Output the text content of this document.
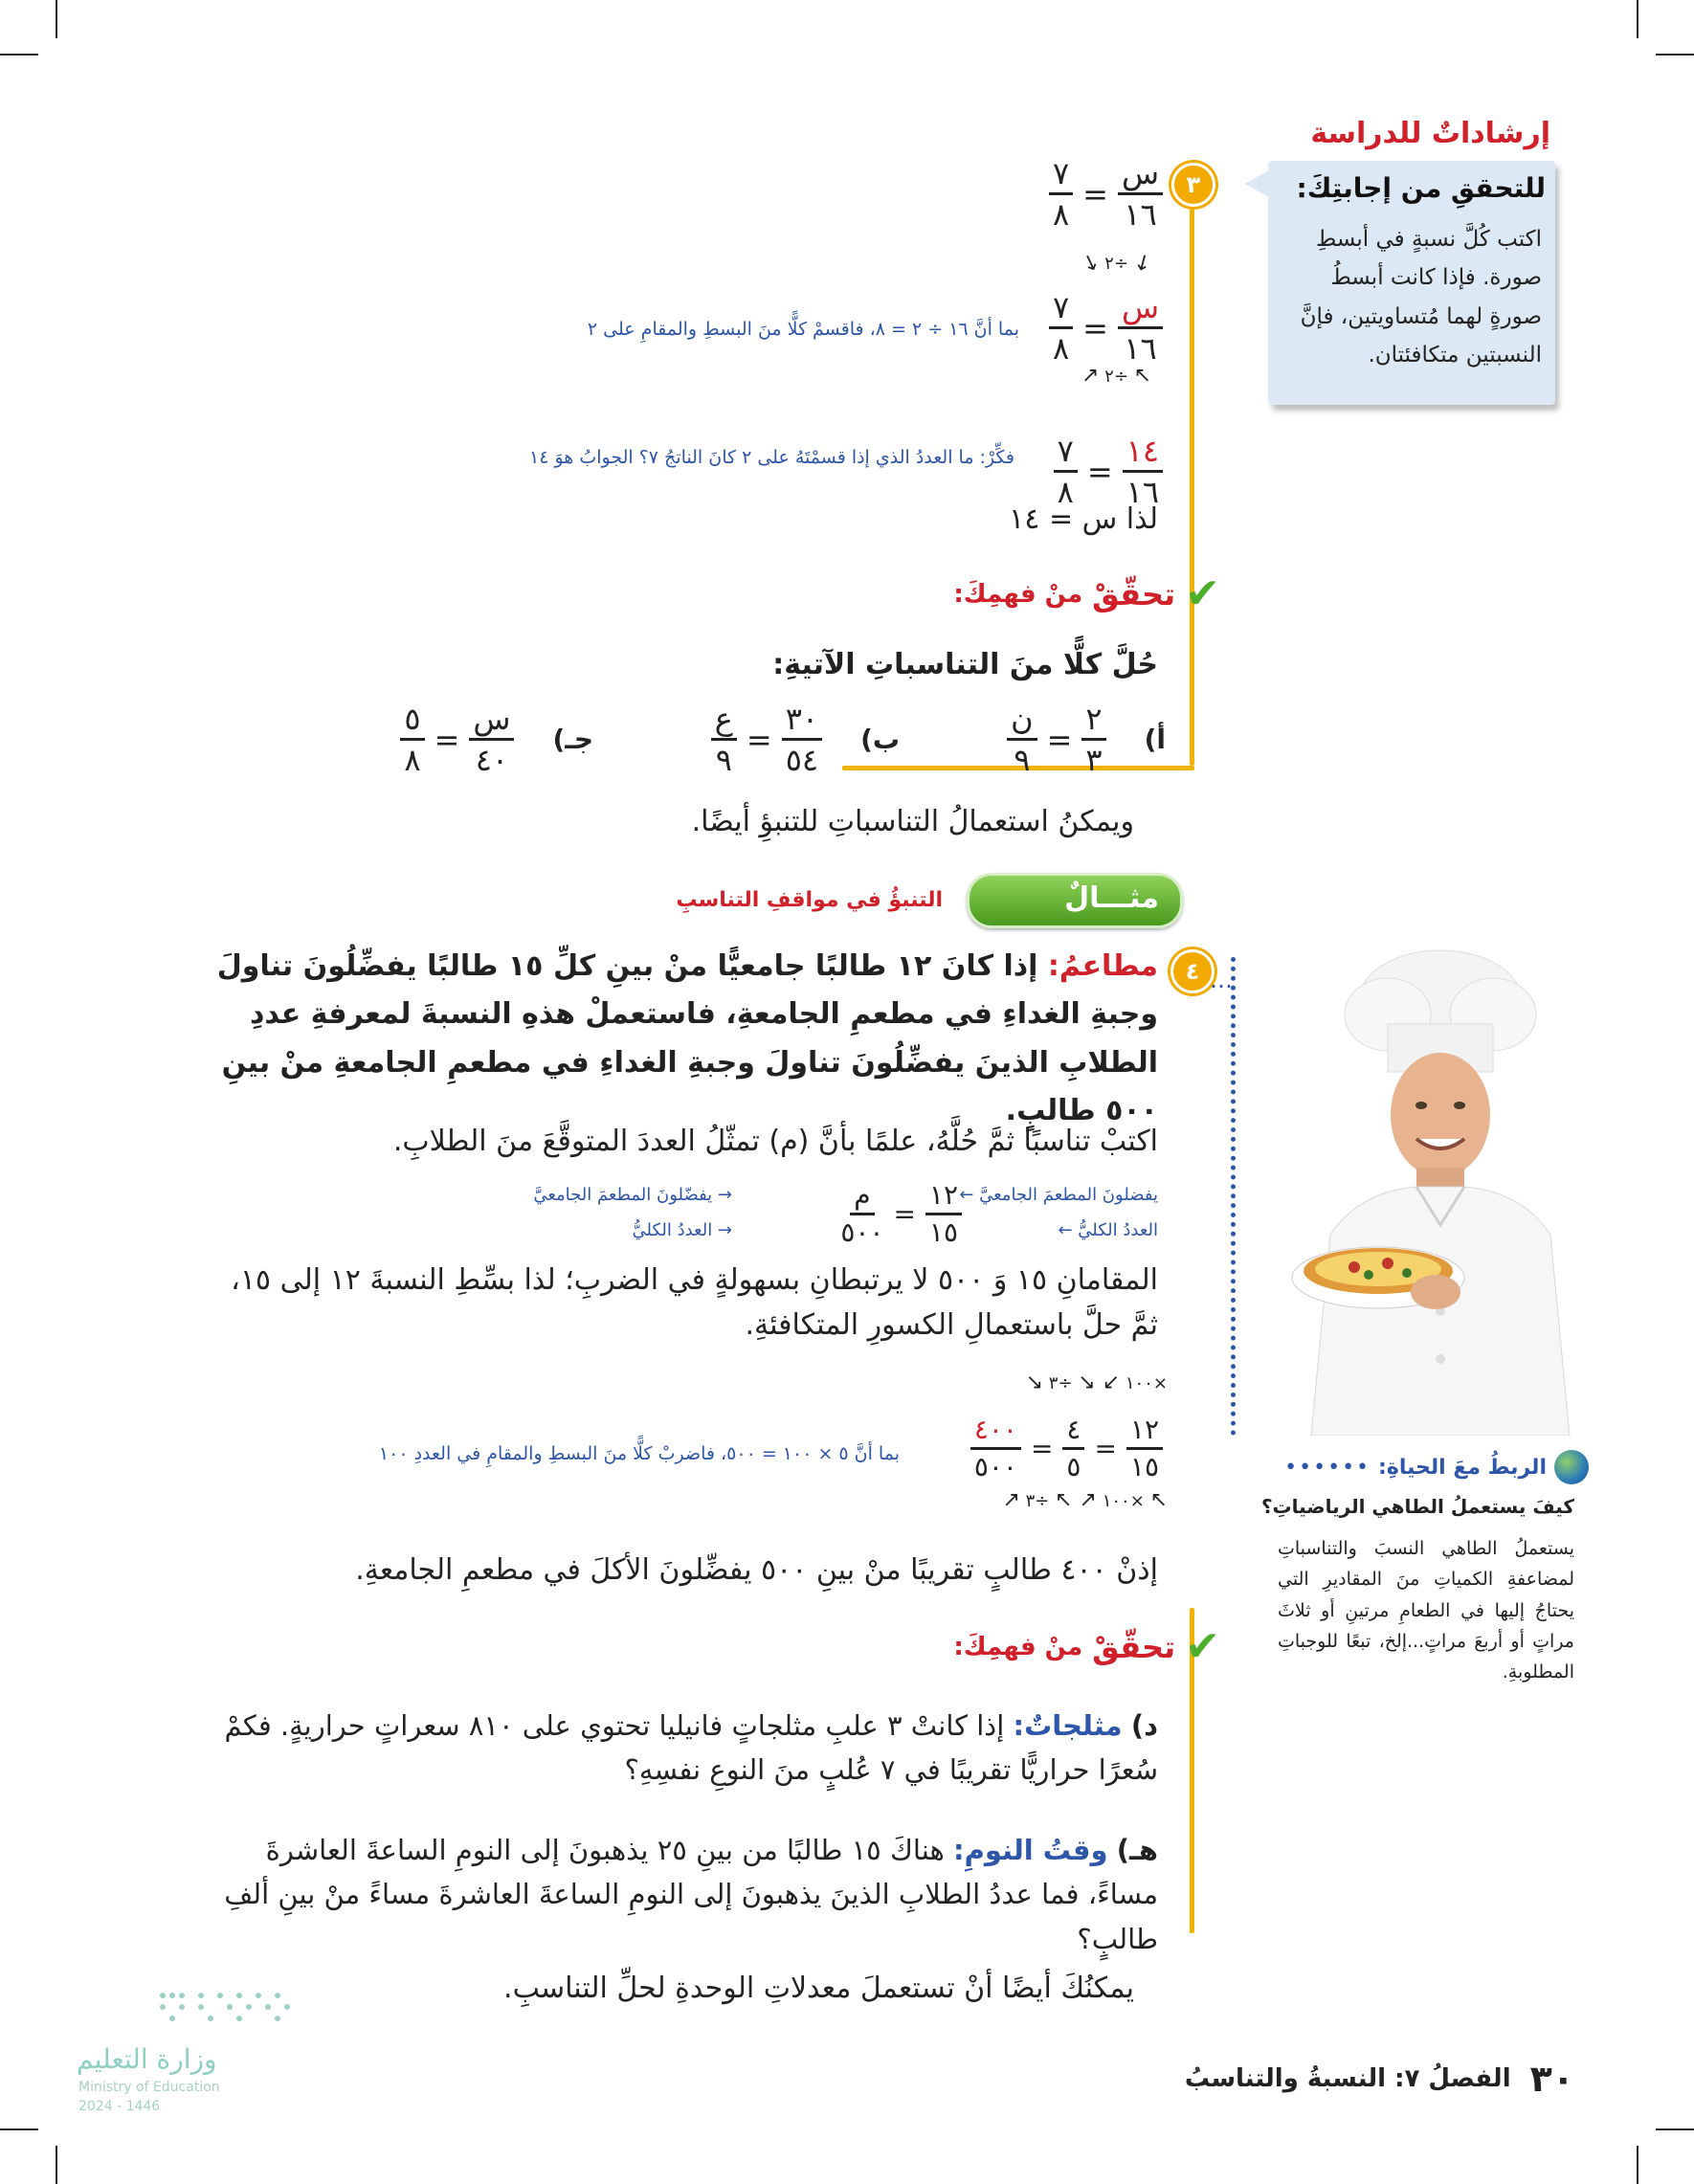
إرشاداتٌ للدراسة
للتحققِ من إجابتِكَ:
اكتب كُلَّ نسبةٍ في أبسطِ صورة. فإذا كانت أبسطُ صورةٍ لهما مُتساويتين، فإنَّ النسبتين متكافئتان.
٣
$\frac{\text{س}}{١٦}$
=
$\frac{٧}{٨}$
↙ ÷٢ ↘
$\frac{\text{س}}{١٦}$
=
$\frac{٧}{٨}$
↖ ÷٢ ↗
بما أنَّ ١٦ ÷ ٢ = ٨، فاقسمْ كلًّا منَ البسطِ والمقامِ على ٢
$\frac{١٤}{١٦}$
=
$\frac{٧}{٨}$
فكِّرْ: ما العددُ الذي إذا قسمْتَهُ على ٢ كانَ الناتجُ ٧؟ الجوابُ هوَ ١٤
لذا س = ١٤
✔
تحقّقْ
منْ فهمِكَ:
حُلَّ كلًّا منَ التناسباتِ الآتيةِ:
أ)
$\frac{٢}{٣}$
=
$\frac{\text{ن}}{٩}$
ب)
$\frac{٣٠}{٥٤}$
=
$\frac{\text{ع}}{٩}$
جـ)
$\frac{\text{س}}{٤٠}$
=
$\frac{٥}{٨}$
ويمكنُ استعمالُ التناسباتِ للتنبؤِ أيضًا.
مثـــالٌ
التنبؤُ في مواقفِ التناسبِ
٤ …
مطاعمُ: إذا كانَ ١٢ طالبًا جامعيًّا منْ بينِ كلِّ ١٥ طالبًا يفضِّلُونَ تناولَ وجبةِ الغداءِ في مطعمِ الجامعةِ، فاستعملْ هذهِ النسبةَ لمعرفةِ عددِ الطلابِ الذينَ يفضِّلُونَ تناولَ وجبةِ الغداءِ في مطعمِ الجامعةِ منْ بينِ ٥٠٠ طالبٍ.
اكتبْ تناسبًا ثمَّ حُلَّهُ، علمًا بأنَّ (م) تمثّلُ العددَ المتوقَّعَ منَ الطلابِ.
$\frac{١٢}{١٥}$
=
$\frac{\text{م}}{٥٠٠}$	يفضلونَ المطعمَ الجامعيَّ ←
العددُ الكليُّ ←
→ يفضّلونَ المطعمَ الجامعيَّ
→ العددُ الكليُّ
المقامانِ ١٥ وَ ٥٠٠ لا يرتبطانِ بسهولةٍ في الضربِ؛ لذا بسِّطِ النسبةَ ١٢ إلى ١٥، ثمَّ حلَّ باستعمالِ الكسورِ المتكافئةِ.
×١٠٠ ↙ ↘ ÷٣ ↘
$\frac{١٢}{١٥}$
=
$\frac{٤}{٥}$
=
$\frac{٤٠٠}{٥٠٠}$
↖ ×١٠٠ ↗ ↖ ÷٣ ↗
بما أنَّ ٥ × ١٠٠ = ٥٠٠، فاضربْ كلًّا منَ البسطِ والمقامِ في العددِ ١٠٠
إذنْ ٤٠٠ طالبٍ تقريبًا منْ بينِ ٥٠٠ يفضِّلونَ الأكلَ في مطعمِ الجامعةِ.
الربطُ معَ الحياةِ:
••••••
كيفَ يستعملُ الطاهي الرياضياتِ؟
يستعملُ الطاهي النسبَ والتناسباتِ لمضاعفةِ الكمياتِ منَ المقاديرِ التي يحتاجُ إليها في الطعامِ مرتينِ أو ثلاثَ مراتٍ أو أربعَ مراتٍ...إلخ، تبعًا للوجباتِ المطلوبةِ.
✔
تحقّقْ
منْ فهمِكَ:
د) مثلجاتٌ: إذا كانتْ ٣ علبِ مثلجاتٍ فانيليا تحتوي على ٨١٠ سعراتٍ حراريةٍ. فكمْ سُعرًا حراريًّا تقريبًا في ٧ عُلبٍ منَ النوعِ نفسِهِ؟
هـ) وقتُ النومِ: هناكَ ١٥ طالبًا من بينِ ٢٥ يذهبونَ إلى النومِ الساعةَ العاشرةَ مساءً، فما عددُ الطلابِ الذينَ يذهبونَ إلى النومِ الساعةَ العاشرةَ مساءً منْ بينِ ألفِ طالبٍ؟
يمكنُكَ أيضًا أنْ تستعملَ معدلاتِ الوحدةِ لحلِّ التناسبِ.
٣٠
الفصلُ ٧: النسبةُ والتناسبُ
وزارة التعليم
Ministry of Education
2024 - 1446
